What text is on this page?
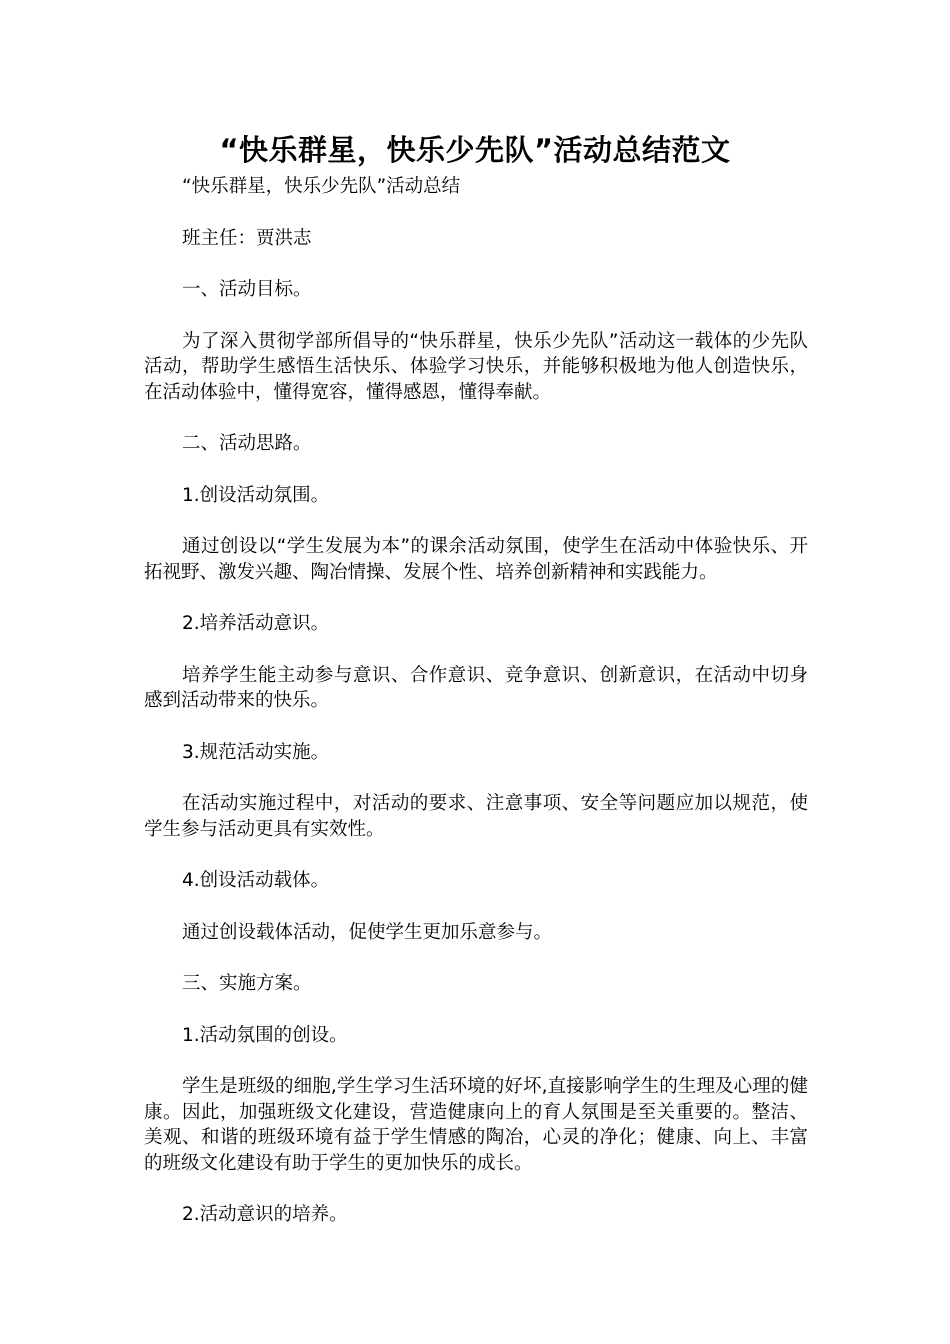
“快乐群星，快乐少先队”活动总结范文

“快乐群星，快乐少先队”活动总结

班主任：贾洪志

一、活动目标。

为了深入贯彻学部所倡导的“快乐群星，快乐少先队”活动这一载体的少先队活动，帮助学生感悟生活快乐、体验学习快乐，并能够积极地为他人创造快乐，在活动体验中，懂得宽容，懂得感恩，懂得奉献。

二、活动思路。

1.创设活动氛围。

通过创设以“学生发展为本”的课余活动氛围，使学生在活动中体验快乐、开拓视野、激发兴趣、陶冶情操、发展个性、培养创新精神和实践能力。

2.培养活动意识。

培养学生能主动参与意识、合作意识、竞争意识、创新意识，在活动中切身感到活动带来的快乐。

3.规范活动实施。

在活动实施过程中，对活动的要求、注意事项、安全等问题应加以规范，使学生参与活动更具有实效性。

4.创设活动载体。

通过创设载体活动，促使学生更加乐意参与。

三、实施方案。

1.活动氛围的创设。

学生是班级的细胞,学生学习生活环境的好坏,直接影响学生的生理及心理的健康。因此，加强班级文化建设，营造健康向上的育人氛围是至关重要的。整洁、美观、和谐的班级环境有益于学生情感的陶冶，心灵的净化；健康、向上、丰富的班级文化建设有助于学生的更加快乐的成长。

2.活动意识的培养。
